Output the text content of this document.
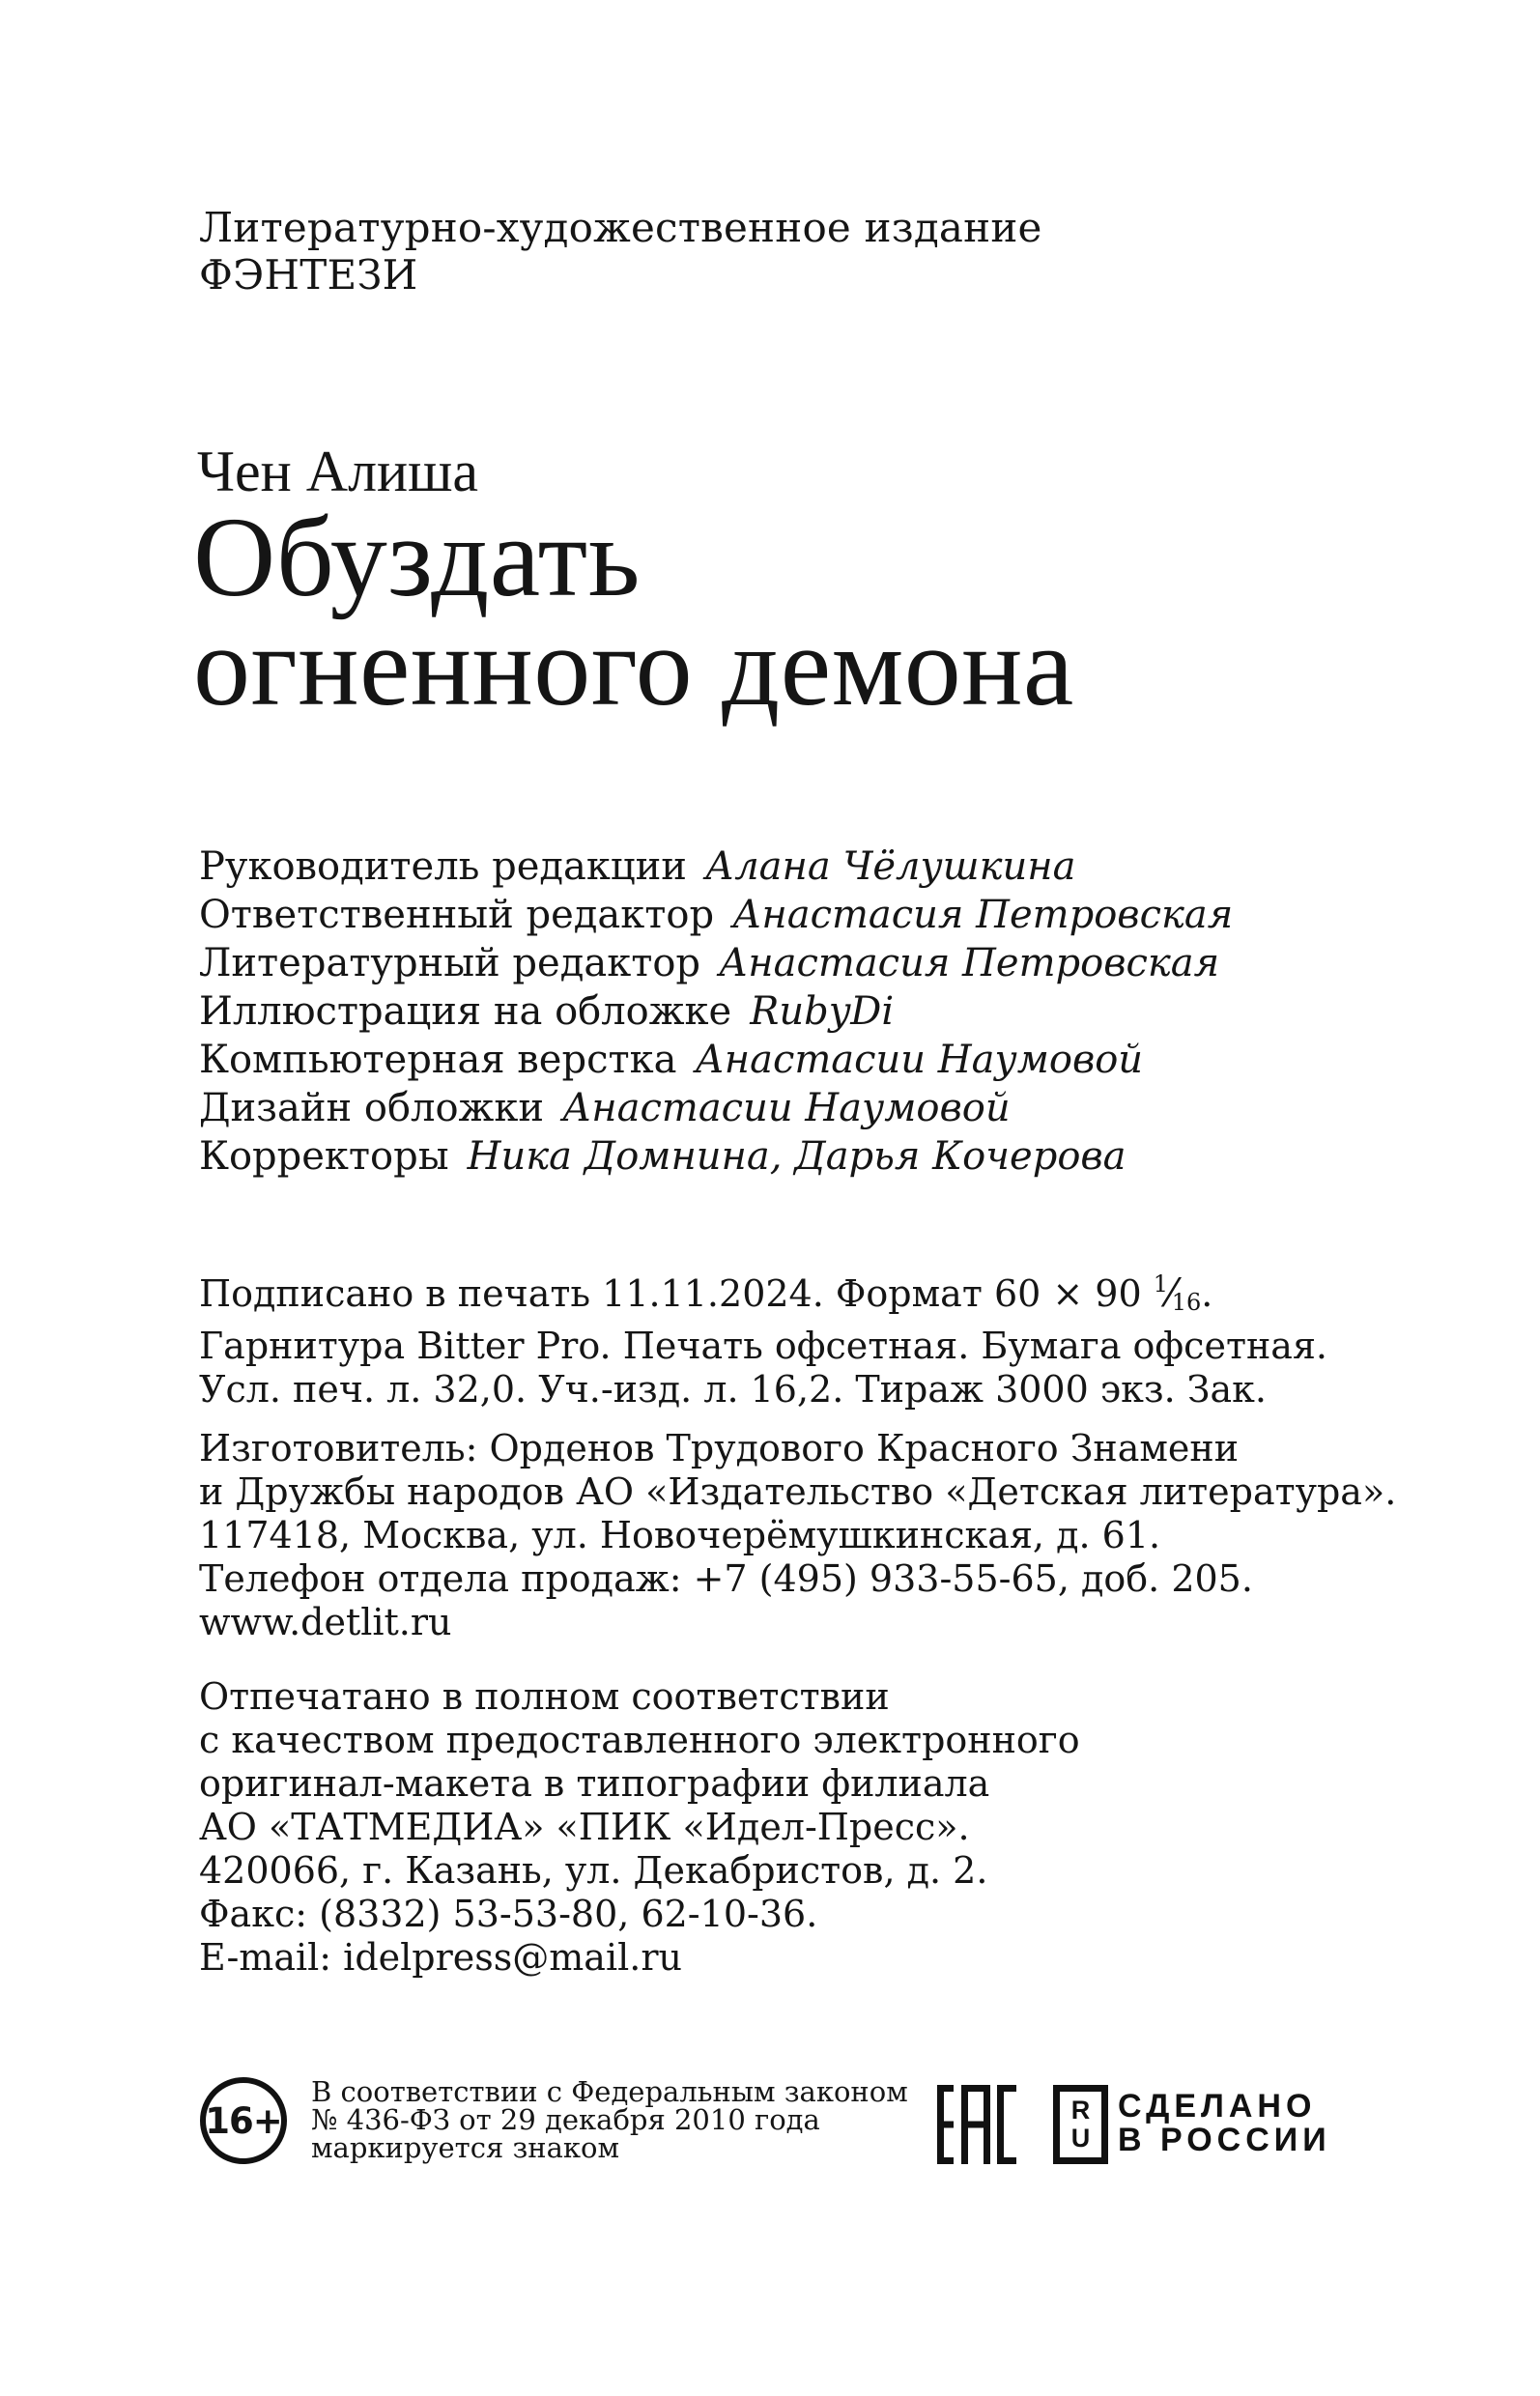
Литературно-художественное издание
ФЭНТЕЗИ
Чен Алиша
Обуздать
огненного демона
Руководитель редакции Алана Чёлушкина
Ответственный редактор Анастасия Петровская
Литературный редактор Анастасия Петровская
Иллюстрация на обложке RubyDi
Компьютерная верстка Анастасии Наумовой
Дизайн обложки Анастасии Наумовой
Корректоры Ника Домнина, Дарья Кочерова
Подписано в печать 11.11.2024. Формат 60 × 90 $^1⁄_{16}$.
Гарнитура Bitter Pro. Печать офсетная. Бумага офсетная.
Усл. печ. л. 32,0. Уч.-изд. л. 16,2. Тираж 3000 экз. Зак.
Изготовитель: Орденов Трудового Красного Знамени
и Дружбы народов АО «Издательство «Детская литература».
117418, Москва, ул. Новочерёмушкинская, д. 61.
Телефон отдела продаж: +7 (495) 933-55-65, доб. 205.
www.detlit.ru
Отпечатано в полном соответствии
с качеством предоставленного электронного
оригинал-макета в типографии филиала
АО «ТАТМЕДИА» «ПИК «Идел-Пресс».
420066, г. Казань, ул. Декабристов, д. 2.
Факс: (8332) 53-53-80, 62-10-36.
E-mail: idelpress@mail.ru
16+
В соответствии с Федеральным законом
№ 436-ФЗ от 29 декабря 2010 года
маркируется знаком
R
U
СДЕЛАНО
В РОССИИ
